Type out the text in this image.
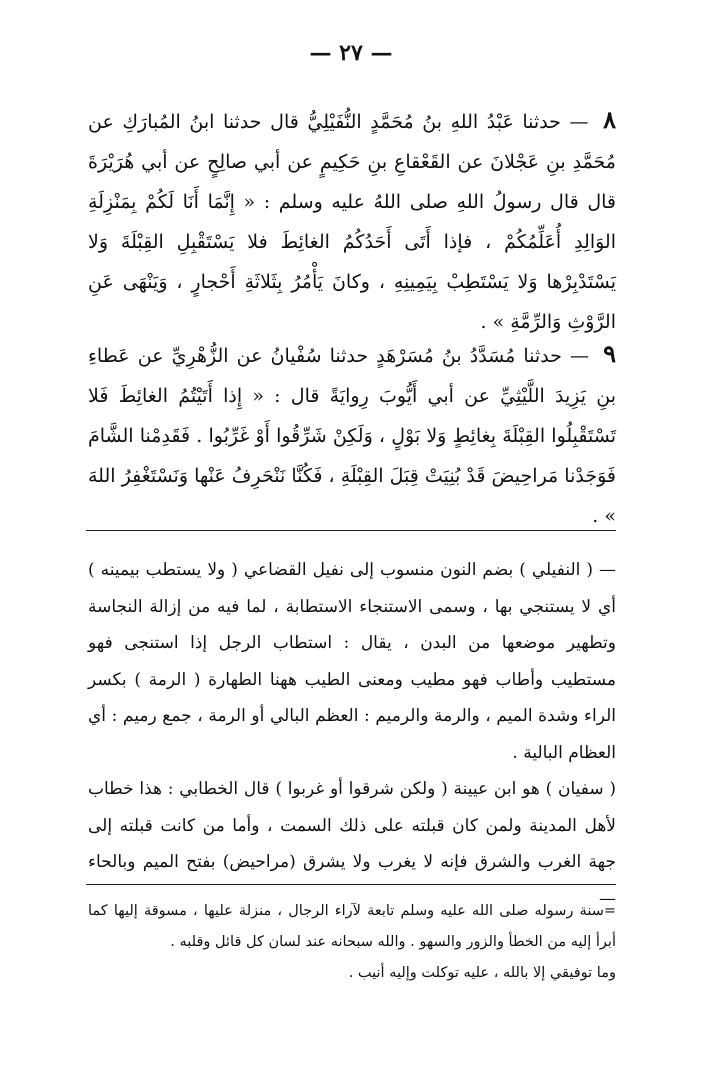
— ٢٧ —
٨ — حدثنا عَبْدُ اللهِ بنُ مُحَمَّدٍ النُّفَيْلِيُّ قال حدثنا ابنُ المُبارَكِ عن مُحَمَّدِ بنِ عَجْلانَ عن القَعْقاعِ بنِ حَكِيمٍ عن أبي صالِحٍ عن أبي هُرَيْرَةَ قال قال رسولُ اللهِ صلى اللهُ عليه وسلم : « إِنَّمَا أَنَا لَكُمْ بِمَنْزِلَةِ الوَالِدِ أُعَلِّمُكُمْ ، فإذا أَتَى أَحَدُكُمُ الغائِطَ فلا يَسْتَقْبِلِ القِبْلَةَ وَلا يَسْتَدْبِرْها وَلا يَسْتَطِبْ بِيَمِينِهِ ، وكانَ يَأْمُرُ بِثَلاثَةِ أَحْجارٍ ، وَيَنْهَى عَنِ الرَّوْثِ وَالرِّمَّةِ » .
٩ — حدثنا مُسَدَّدُ بنُ مُسَرْهَدٍ حدثنا سُفْيانُ عن الزُّهْرِيِّ عن عَطاءِ بنِ يَزِيدَ اللَّيْثِيِّ عن أبي أَيُّوبَ رِوايَةً قال : « إِذا أَتَيْتُمُ الغائِطَ فَلا تَسْتَقْبِلُوا القِبْلَةَ بِغائِطٍ وَلا بَوْلٍ ، وَلَكِنْ شَرِّقُوا أَوْ غَرِّبُوا . فَقَدِمْنا الشَّامَ فَوَجَدْنا مَراحِيضَ قَدْ بُنِيَتْ قِبَلَ القِبْلَةِ ، فَكُنَّا نَنْحَرِفُ عَنْها وَنَسْتَغْفِرُ اللهَ » .

— ( النفيلي ) بضم النون منسوب إلى نفيل القضاعي ( ولا يستطب بيمينه ) أي لا يستنجي بها ، وسمى الاستنجاء الاستطابة ، لما فيه من إزالة النجاسة وتطهير موضعها من البدن ، يقال : استطاب الرجل إذا استنجى فهو مستطيب وأطاب فهو مطيب ومعنى الطيب ههنا الطهارة ( الرمة ) بكسر الراء وشدة الميم ، والرمة والرميم : العظم البالي أو الرمة ، جمع رميم : أي العظام البالية .

( سفيان ) هو ابن عيينة ( ولكن شرقوا أو غربوا ) قال الخطابي : هذا خطاب لأهل المدينة ولمن كان قبلته على ذلك السمت ، وأما من كانت قبلته إلى جهة الغرب والشرق فإنه لا يغرب ولا يشرق (مراحيض) بفتح الميم وبالحاء —

=سنة رسوله صلى الله عليه وسلم تابعة لآراء الرجال ، منزلة عليها ، مسوقة إليها كما أبرأ إليه من الخطأ والزور والسهو . والله سبحانه عند لسان كل قائل وقلبه .

وما توفيقي إلا بالله ، عليه توكلت وإليه أنيب .
